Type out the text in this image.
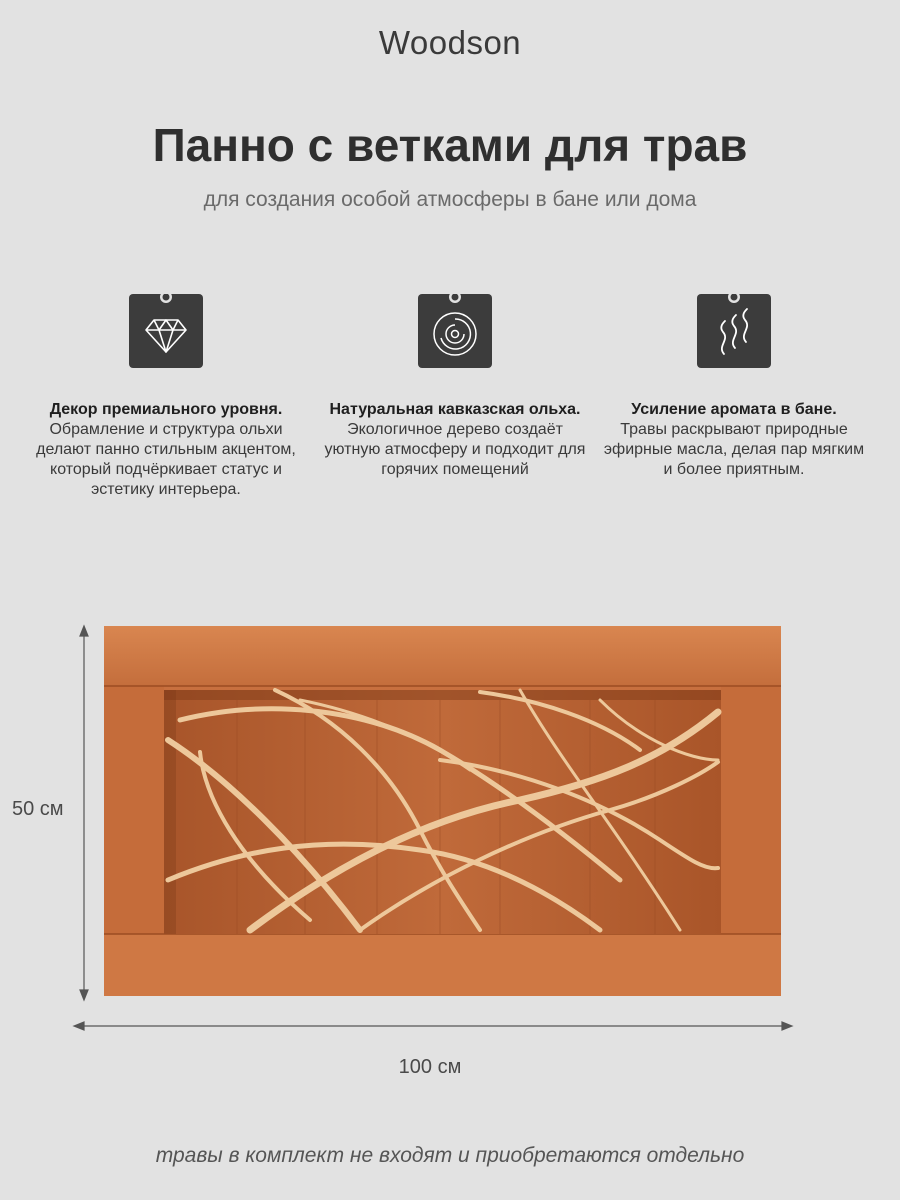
Woodson
Панно с ветками для трав
для создания особой атмосферы в бане или дома
Декор премиального уровня.
Обрамление и структура ольхи делают панно стильным акцентом, который подчёркивает статус и эстетику интерьера.
Натуральная кавказская ольха.
Экологичное дерево создаёт уютную атмосферу и подходит для горячих помещений
Усиление аромата в бане.
Травы раскрывают природные эфирные масла, делая пар мягким и более приятным.
50 см
100 см
травы в комплект не входят и приобретаются отдельно
